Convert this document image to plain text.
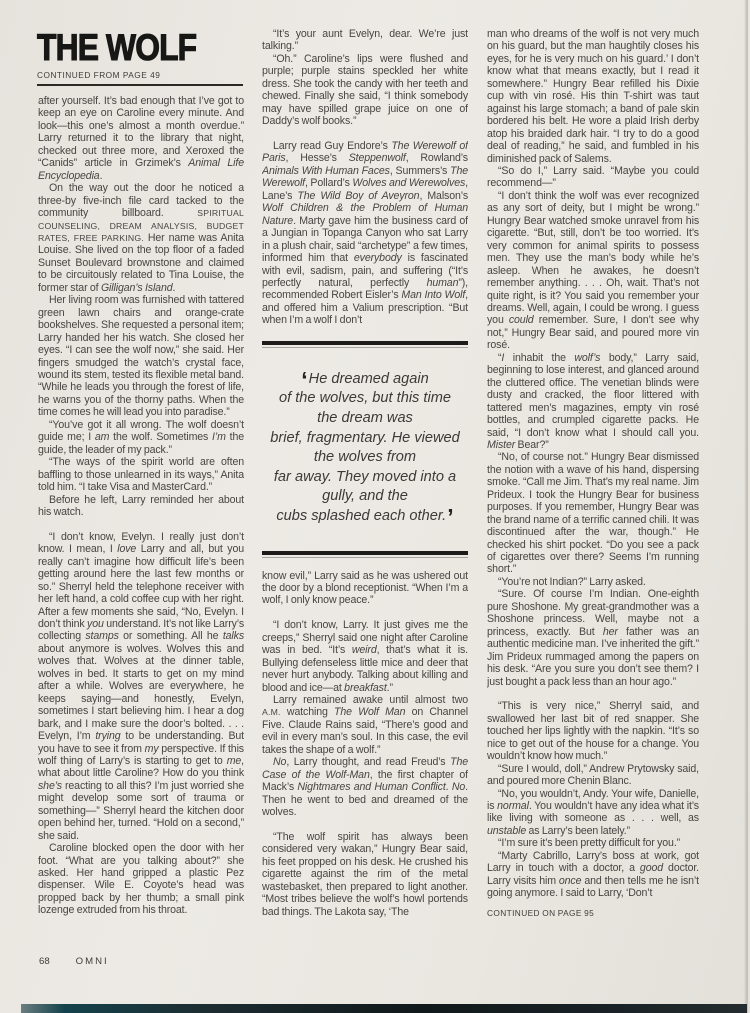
THE WOLF
CONTINUED FROM PAGE 49

after yourself. It’s bad enough that I’ve got to keep an eye on Caroline every minute. And look—this one’s almost a month overdue.” Larry returned it to the library that night, checked out three more, and Xeroxed the “Canids” article in Grzimek’s Animal Life Encyclopedia.

On the way out the door he noticed a three-by five-inch file card tacked to the community billboard. SPIRITUAL COUNSELING, DREAM ANALYSIS, BUDGET RATES, FREE PARKING. Her name was Anita Louise. She lived on the top floor of a faded Sunset Boulevard brownstone and claimed to be circuitously related to Tina Louise, the former star of Gilligan’s Island.

Her living room was furnished with tattered green lawn chairs and orange-crate bookshelves. She requested a personal item; Larry handed her his watch. She closed her eyes. “I can see the wolf now,” she said. Her fingers smudged the watch’s crystal face, wound its stem, tested its flexible metal band. “While he leads you through the forest of life, he warns you of the thorny paths. When the time comes he will lead you into paradise.”

“You’ve got it all wrong. The wolf doesn’t guide me; I am the wolf. Sometimes I’m the guide, the leader of my pack.”

“The ways of the spirit world are often baffling to those unlearned in its ways,” Anita told him. “I take Visa and MasterCard.”

Before he left, Larry reminded her about his watch.

“I don’t know, Evelyn. I really just don’t know. I mean, I love Larry and all, but you really can’t imagine how difficult life’s been getting around here the last few months or so.” Sherryl held the telephone receiver with her left hand, a cold coffee cup with her right. After a few moments she said, “No, Evelyn. I don’t think you understand. It’s not like Larry’s collecting stamps or something. All he talks about anymore is wolves. Wolves this and wolves that. Wolves at the dinner table, wolves in bed. It starts to get on my mind after a while. Wolves are everywhere, he keeps saying—and honestly, Evelyn, sometimes I start believing him. I hear a dog bark, and I make sure the door’s bolted. . . . Evelyn, I’m trying to be understanding. But you have to see it from my perspective. If this wolf thing of Larry’s is starting to get to me, what about little Caroline? How do you think she’s reacting to all this? I’m just worried she might develop some sort of trauma or something—” Sherryl heard the kitchen door open behind her, turned. “Hold on a second,” she said.

Caroline blocked open the door with her foot. “What are you talking about?” she asked. Her hand gripped a plastic Pez dispenser. Wile E. Coyote’s head was propped back by her thumb; a small pink lozenge extruded from his throat.

“It’s your aunt Evelyn, dear. We’re just talking.”

“Oh.” Caroline’s lips were flushed and purple; purple stains speckled her white dress. She took the candy with her teeth and chewed. Finally she said, “I think somebody may have spilled grape juice on one of Daddy’s wolf books.”

Larry read Guy Endore’s The Werewolf of Paris, Hesse’s Steppenwolf, Rowland’s Animals With Human Faces, Summers’s The Werewolf, Pollard’s Wolves and Werewolves, Lane’s The Wild Boy of Aveyron, Malson’s Wolf Children & the Problem of Human Nature. Marty gave him the business card of a Jungian in Topanga Canyon who sat Larry in a plush chair, said “archetype” a few times, informed him that everybody is fascinated with evil, sadism, pain, and suffering (“It’s perfectly natural, perfectly human”), recommended Robert Eisler’s Man Into Wolf, and offered him a Valium prescription. “But when I’m a wolf I don’t

‘He dreamed again
of the wolves, but this time
the dream was
brief, fragmentary. He viewed
the wolves from
far away. They moved into a
gully, and the
cubs splashed each other.’

know evil,” Larry said as he was ushered out the door by a blond receptionist. “When I’m a wolf, I only know peace.”

“I don’t know, Larry. It just gives me the creeps,” Sherryl said one night after Caroline was in bed. “It’s weird, that’s what it is. Bullying defenseless little mice and deer that never hurt anybody. Talking about killing and blood and ice—at breakfast.”

Larry remained awake until almost two A.M. watching The Wolf Man on Channel Five. Claude Rains said, “There’s good and evil in every man’s soul. In this case, the evil takes the shape of a wolf.”

No, Larry thought, and read Freud’s The Case of the Wolf-Man, the first chapter of Mack’s Nightmares and Human Conflict. No. Then he went to bed and dreamed of the wolves.

“The wolf spirit has always been considered very wakan,” Hungry Bear said, his feet propped on his desk. He crushed his cigarette against the rim of the metal wastebasket, then prepared to light another. “Most tribes believe the wolf’s howl portends bad things. The Lakota say, ‘The

man who dreams of the wolf is not very much on his guard, but the man haughtily closes his eyes, for he is very much on his guard.’ I don’t know what that means exactly, but I read it somewhere.” Hungry Bear refilled his Dixie cup with vin rosé. His thin T-shirt was taut against his large stomach; a band of pale skin bordered his belt. He wore a plaid Irish derby atop his braided dark hair. “I try to do a good deal of reading,” he said, and fumbled in his diminished pack of Salems.

“So do I,” Larry said. “Maybe you could recommend—”

“I don’t think the wolf was ever recognized as any sort of deity, but I might be wrong.” Hungry Bear watched smoke unravel from his cigarette. “But, still, don’t be too worried. It’s very common for animal spirits to possess men. They use the man’s body while he’s asleep. When he awakes, he doesn’t remember anything. . . . Oh, wait. That’s not quite right, is it? You said you remember your dreams. Well, again, I could be wrong. I guess you could remember. Sure, I don’t see why not,” Hungry Bear said, and poured more vin rosé.

“I inhabit the wolf’s body,” Larry said, beginning to lose interest, and glanced around the cluttered office. The venetian blinds were dusty and cracked, the floor littered with tattered men’s magazines, empty vin rosé bottles, and crumpled cigarette packs. He said, “I don’t know what I should call you. Mister Bear?”

“No, of course not.” Hungry Bear dismissed the notion with a wave of his hand, dispersing smoke. “Call me Jim. That’s my real name. Jim Prideux. I took the Hungry Bear for business purposes. If you remember, Hungry Bear was the brand name of a terrific canned chili. It was discontinued after the war, though.” He checked his shirt pocket. “Do you see a pack of cigarettes over there? Seems I’m running short.”

“You’re not Indian?” Larry asked.

“Sure. Of course I’m Indian. One-eighth pure Shoshone. My great-grandmother was a Shoshone princess. Well, maybe not a princess, exactly. But her father was an authentic medicine man. I’ve inherited the gift.” Jim Prideux rummaged among the papers on his desk. “Are you sure you don’t see them? I just bought a pack less than an hour ago.”

“This is very nice,” Sherryl said, and swallowed her last bit of red snapper. She touched her lips lightly with the napkin. “It’s so nice to get out of the house for a change. You wouldn’t know how much.”

“Sure I would, doll,” Andrew Prytowsky said, and poured more Chenin Blanc.

“No, you wouldn’t, Andy. Your wife, Danielle, is normal. You wouldn’t have any idea what it’s like living with someone as . . . well, as unstable as Larry’s been lately.”

“I’m sure it’s been pretty difficult for you.”

“Marty Cabrillo, Larry’s boss at work, got Larry in touch with a doctor, a good doctor. Larry visits him once and then tells me he isn’t going anymore. I said to Larry, ‘Don’t

CONTINUED ON PAGE 95

68	OMNI
